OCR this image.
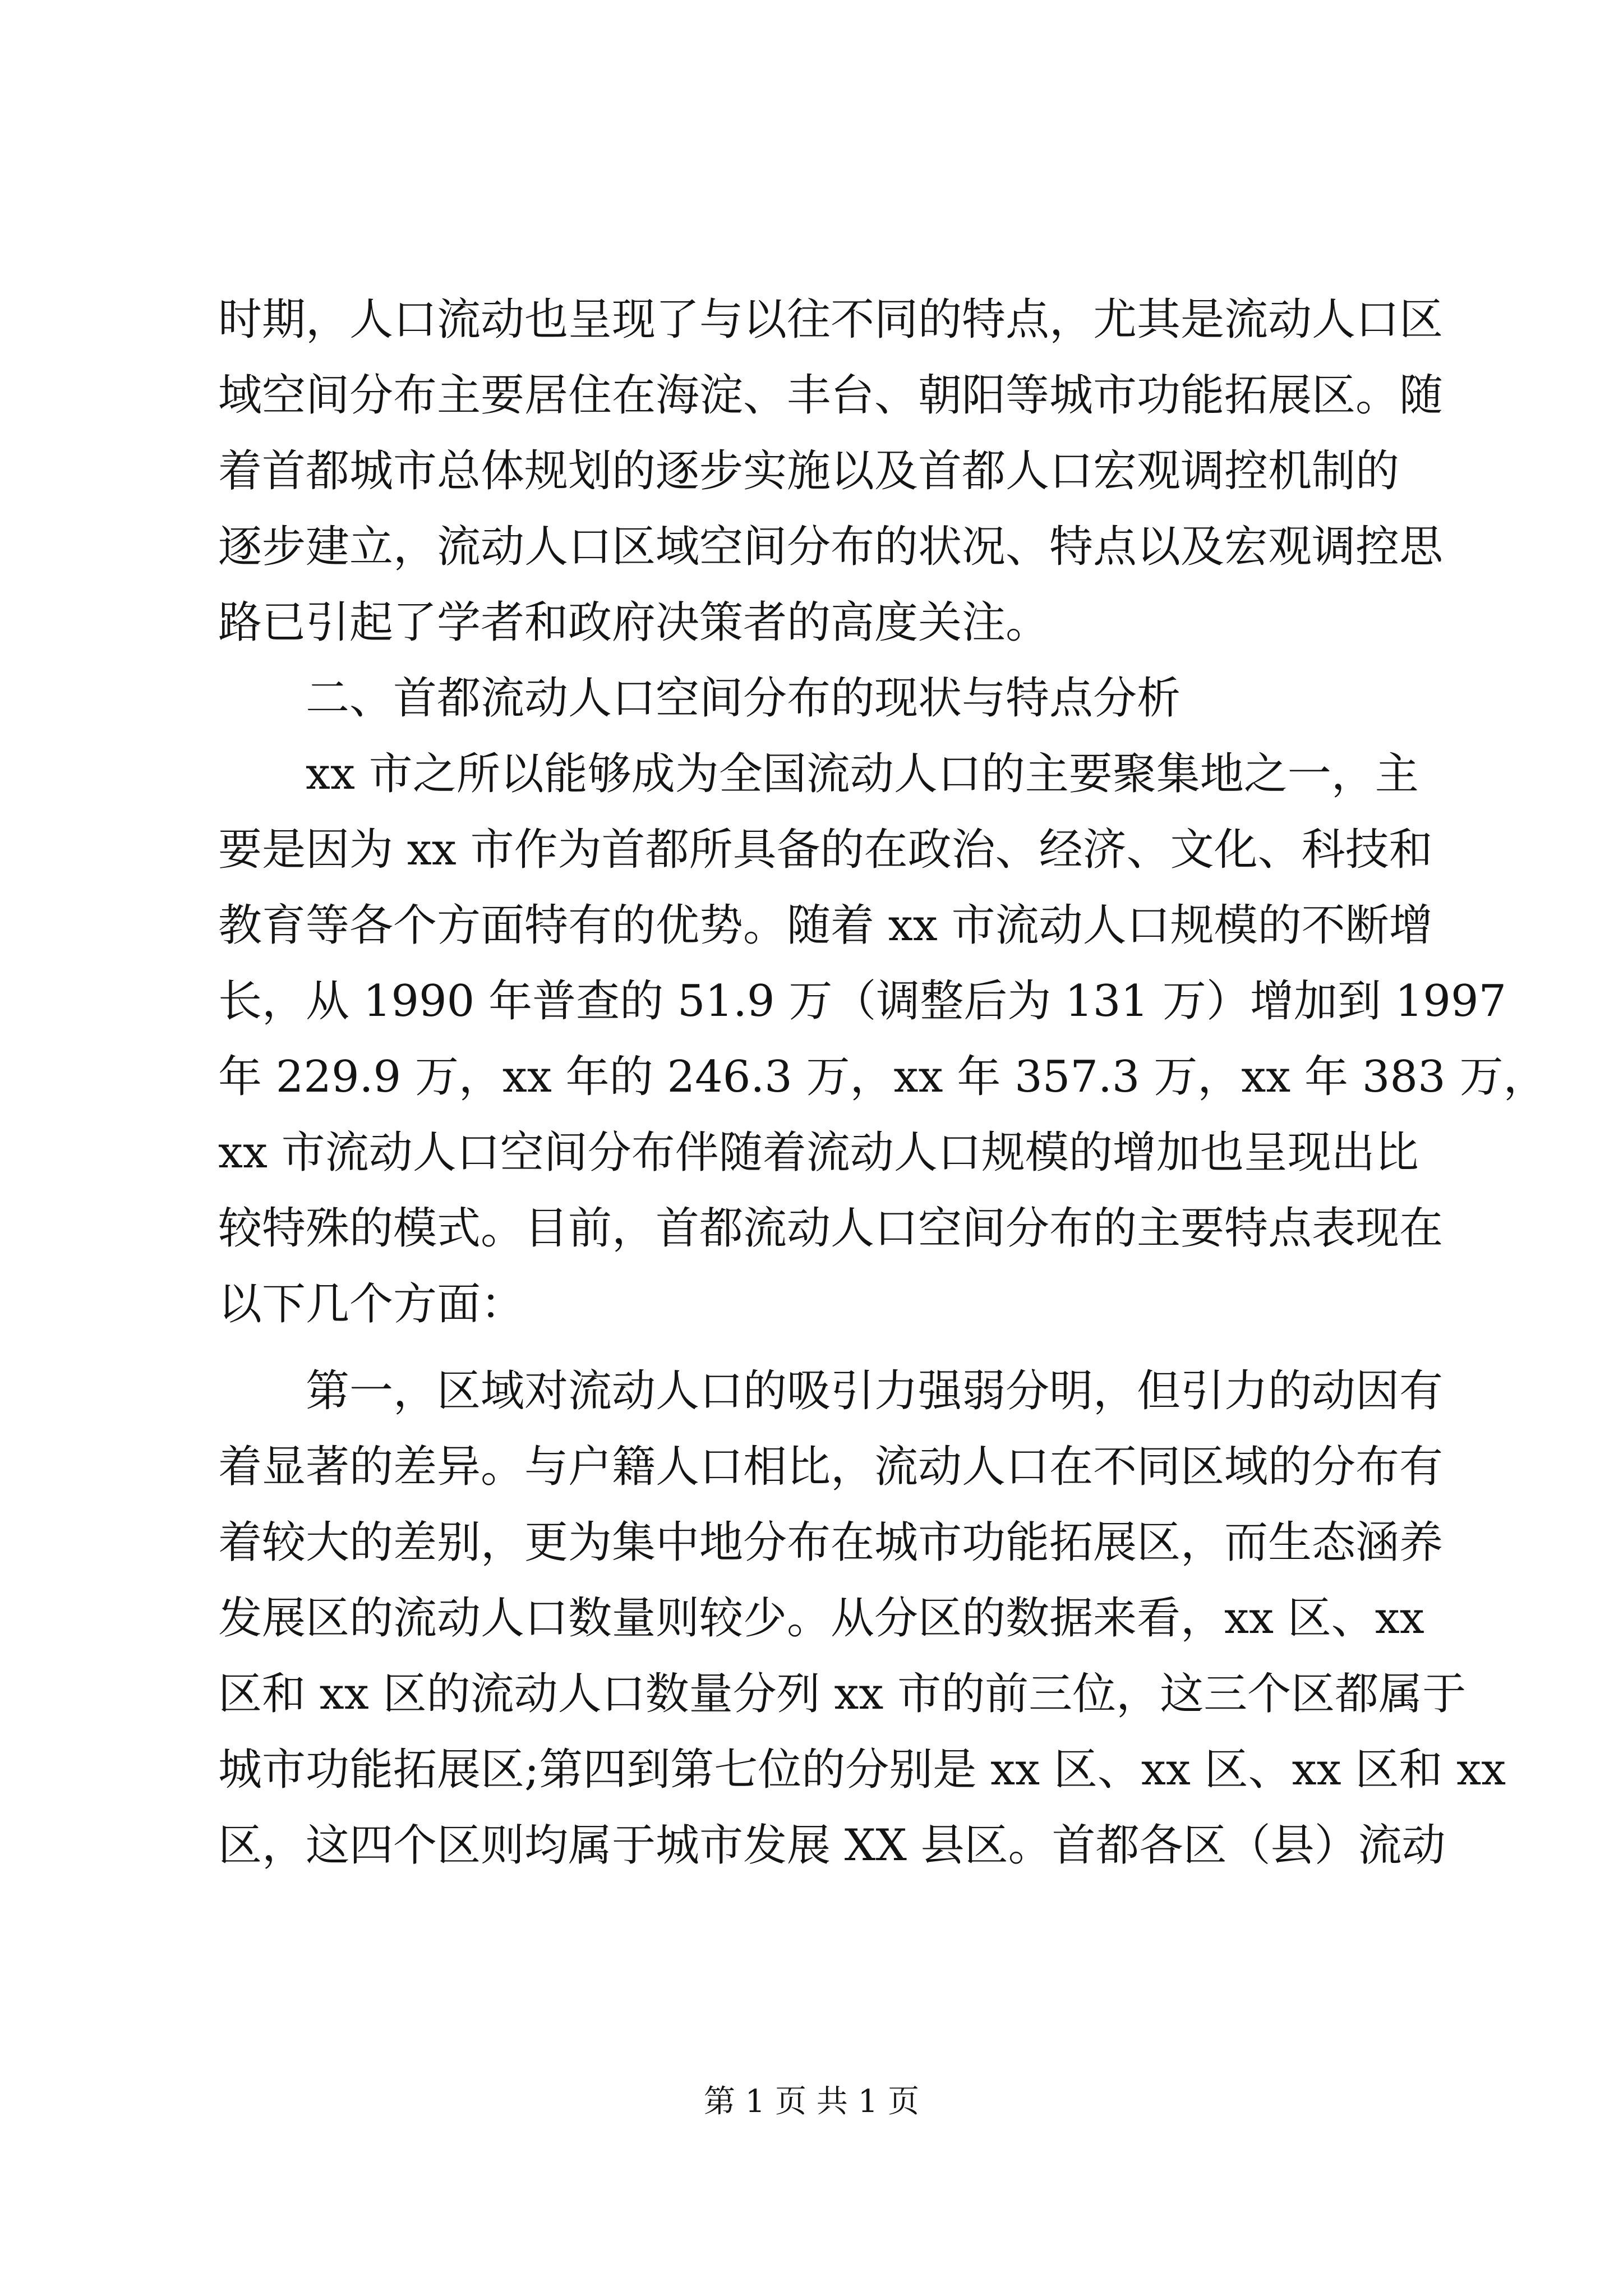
时期，人口流动也呈现了与以往不同的特点，尤其是流动人口区
域空间分布主要居住在海淀、丰台、朝阳等城市功能拓展区。随
着首都城市总体规划的逐步实施以及首都人口宏观调控机制的
逐步建立，流动人口区域空间分布的状况、特点以及宏观调控思
路已引起了学者和政府决策者的高度关注。
二、首都流动人口空间分布的现状与特点分析
xx 市之所以能够成为全国流动人口的主要聚集地之一，主
要是因为 xx 市作为首都所具备的在政治、经济、文化、科技和
教育等各个方面特有的优势。随着 xx 市流动人口规模的不断增
长，从 1990 年普查的 51.9 万（调整后为 131 万）增加到 1997
年 229.9 万，xx 年的 246.3 万，xx 年 357.3 万，xx 年 383 万，
xx 市流动人口空间分布伴随着流动人口规模的增加也呈现出比
较特殊的模式。目前，首都流动人口空间分布的主要特点表现在
以下几个方面：
第一，区域对流动人口的吸引力强弱分明，但引力的动因有
着显著的差异。与户籍人口相比，流动人口在不同区域的分布有
着较大的差别，更为集中地分布在城市功能拓展区，而生态涵养
发展区的流动人口数量则较少。从分区的数据来看，xx 区、xx
区和 xx 区的流动人口数量分列 xx 市的前三位，这三个区都属于
城市功能拓展区;第四到第七位的分别是 xx 区、xx 区、xx 区和 xx
区，这四个区则均属于城市发展 XX 县区。首都各区（县）流动
第 1 页 共 1 页
